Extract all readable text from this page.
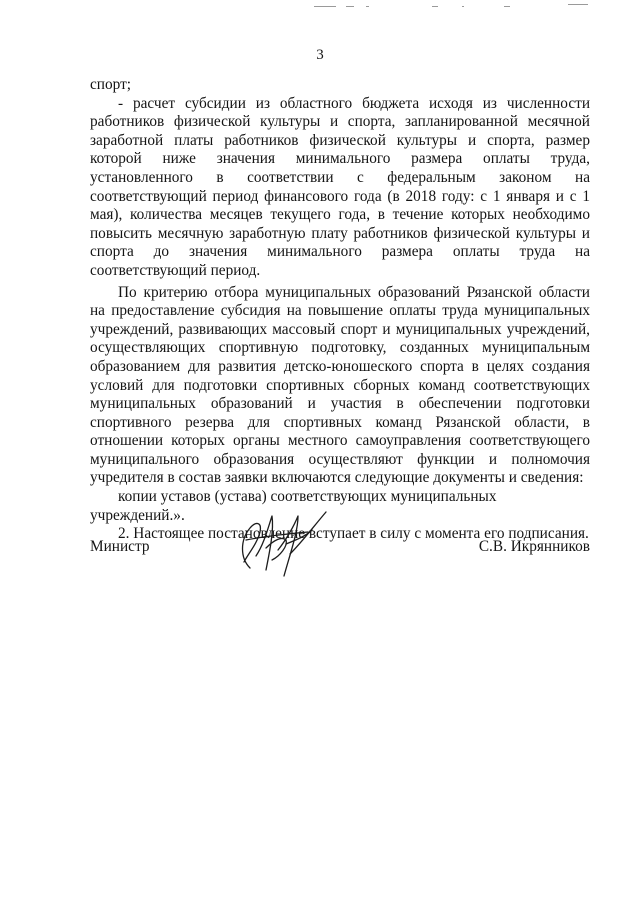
3

спорт;

- расчет субсидии из областного бюджета исходя из численности работников физической культуры и спорта, запланированной месячной заработной платы работников физической культуры и спорта, размер которой ниже значения минимального размера оплаты труда, установленного в соответствии с федеральным законом на соответствующий период финансового года (в 2018 году: с 1 января и с 1 мая), количества месяцев текущего года, в течение которых необходимо повысить месячную заработную плату работников физической культуры и спорта до значения минимального размера оплаты труда на соответствующий период.

По критерию отбора муниципальных образований Рязанской области на предоставление субсидия на повышение оплаты труда муниципальных учреждений, развивающих массовый спорт и муниципальных учреждений, осуществляющих спортивную подготовку, созданных муниципальным образованием для развития детско-юношеского спорта в целях создания условий для подготовки спортивных сборных команд соответствующих муниципальных образований и участия в обеспечении подготовки спортивного резерва для спортивных команд Рязанской области, в отношении которых органы местного самоуправления соответствующего муниципального образования осуществляют функции и полномочия учредителя в состав заявки включаются следующие документы и сведения:

копии уставов (устава) соответствующих муниципальных учреждений.».

2. Настоящее постановление вступает в силу с момента его подписания.

Министр	С.В. Икрянников
